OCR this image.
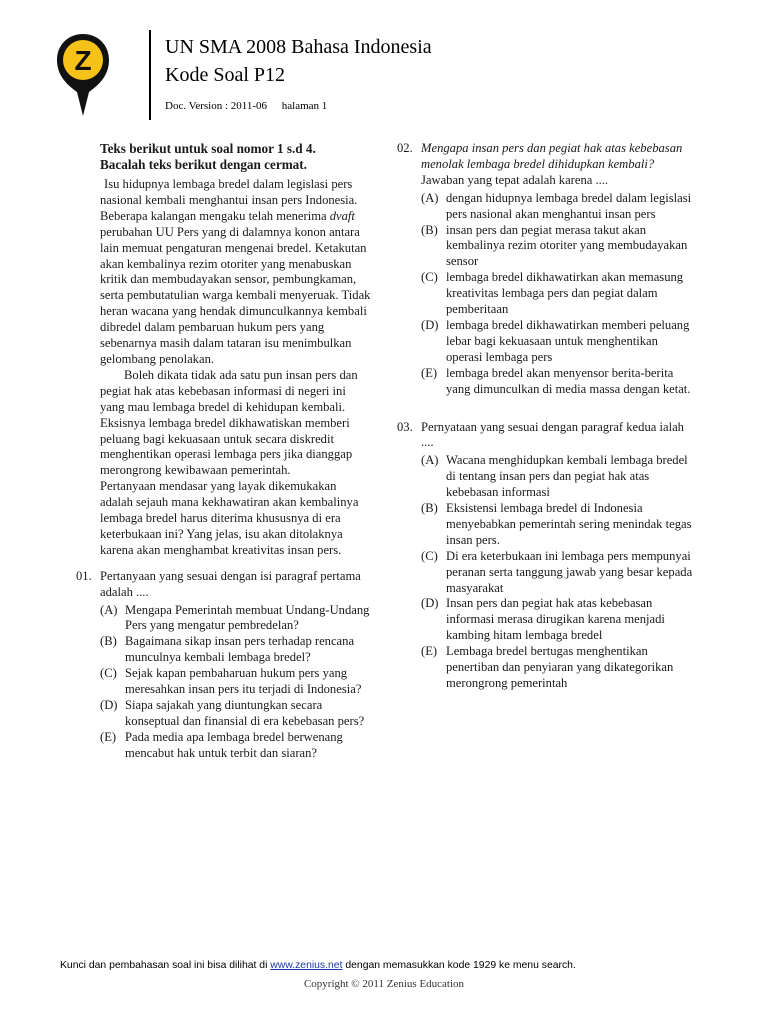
Z	UN SMA 2008 Bahasa Indonesia
Kode Soal P12
Doc. Version : 2011-06 halaman 1
Teks berikut untuk soal nomor 1 s.d 4.
Bacalah teks berikut dengan cermat.

Isu hidupnya lembaga bredel dalam legislasi pers nasional kembali menghantui insan pers Indonesia. Beberapa kalangan mengaku telah menerima dvaft perubahan UU Pers yang di dalamnya konon antara lain memuat pengaturan mengenai bredel. Ketakutan akan kembalinya rezim otoriter yang menabuskan kritik dan membudayakan sensor, pembungkaman, serta pembutatulian warga kembali menyeruak. Tidak heran wacana yang hendak dimunculkannya kembali dibredel dalam pembaruan hukum pers yang sebenarnya masih dalam tataran isu menimbulkan gelombang penolakan.

Boleh dikata tidak ada satu pun insan pers dan pegiat hak atas kebebasan informasi di negeri ini yang mau lembaga bredel di kehidupan kembali. Eksisnya lembaga bredel dikhawatiskan memberi peluang bagi kekuasaan untuk secara diskredit menghentikan operasi lembaga pers jika dianggap merongrong kewibawaan pemerintah.

Pertanyaan mendasar yang layak dikemukakan adalah sejauh mana kekhawatiran akan kembalinya lembaga bredel harus diterima khususnya di era keterbukaan ini? Yang jelas, isu akan ditolaknya karena akan menghambat kreativitas insan pers.

01. Pertanyaan yang sesuai dengan isi paragraf pertama adalah ....
(A) Mengapa Pemerintah membuat Undang-Undang Pers yang mengatur pembredelan?
(B) Bagaimana sikap insan pers terhadap rencana munculnya kembali lembaga bredel?
(C) Sejak kapan pembaharuan hukum pers yang meresahkan insan pers itu terjadi di Indonesia?
(D) Siapa sajakah yang diuntungkan secara konseptual dan finansial di era kebebasan pers?
(E) Pada media apa lembaga bredel berwenang mencabut hak untuk terbit dan siaran?
02. Mengapa insan pers dan pegiat hak atas kebebasan menolak lembaga bredel dihidupkan kembali?
Jawaban yang tepat adalah karena ....
(A) dengan hidupnya lembaga bredel dalam legislasi pers nasional akan menghantui insan pers
(B) insan pers dan pegiat merasa takut akan kembalinya rezim otoriter yang membudayakan sensor
(C) lembaga bredel dikhawatirkan akan memasung kreativitas lembaga pers dan pegiat dalam pemberitaan
(D) lembaga bredel dikhawatirkan memberi peluang lebar bagi kekuasaan untuk menghentikan operasi lembaga pers
(E) lembaga bredel akan menyensor berita-berita yang dimunculkan di media massa dengan ketat.
03. Pernyataan yang sesuai dengan paragraf kedua ialah ....
(A) Wacana menghidupkan kembali lembaga bredel di tentang insan pers dan pegiat hak atas kebebasan informasi
(B) Eksistensi lembaga bredel di Indonesia menyebabkan pemerintah sering menindak tegas insan pers.
(C) Di era keterbukaan ini lembaga pers mempunyai peranan serta tanggung jawab yang besar kepada masyarakat
(D) Insan pers dan pegiat hak atas kebebasan informasi merasa dirugikan karena menjadi kambing hitam lembaga bredel
(E) Lembaga bredel bertugas menghentikan penertiban dan penyiaran yang dikategorikan merongrong pemerintah
Kunci dan pembahasan soal ini bisa dilihat di www.zenius.net dengan memasukkan kode 1929 ke menu search.
Copyright © 2011 Zenius Education
